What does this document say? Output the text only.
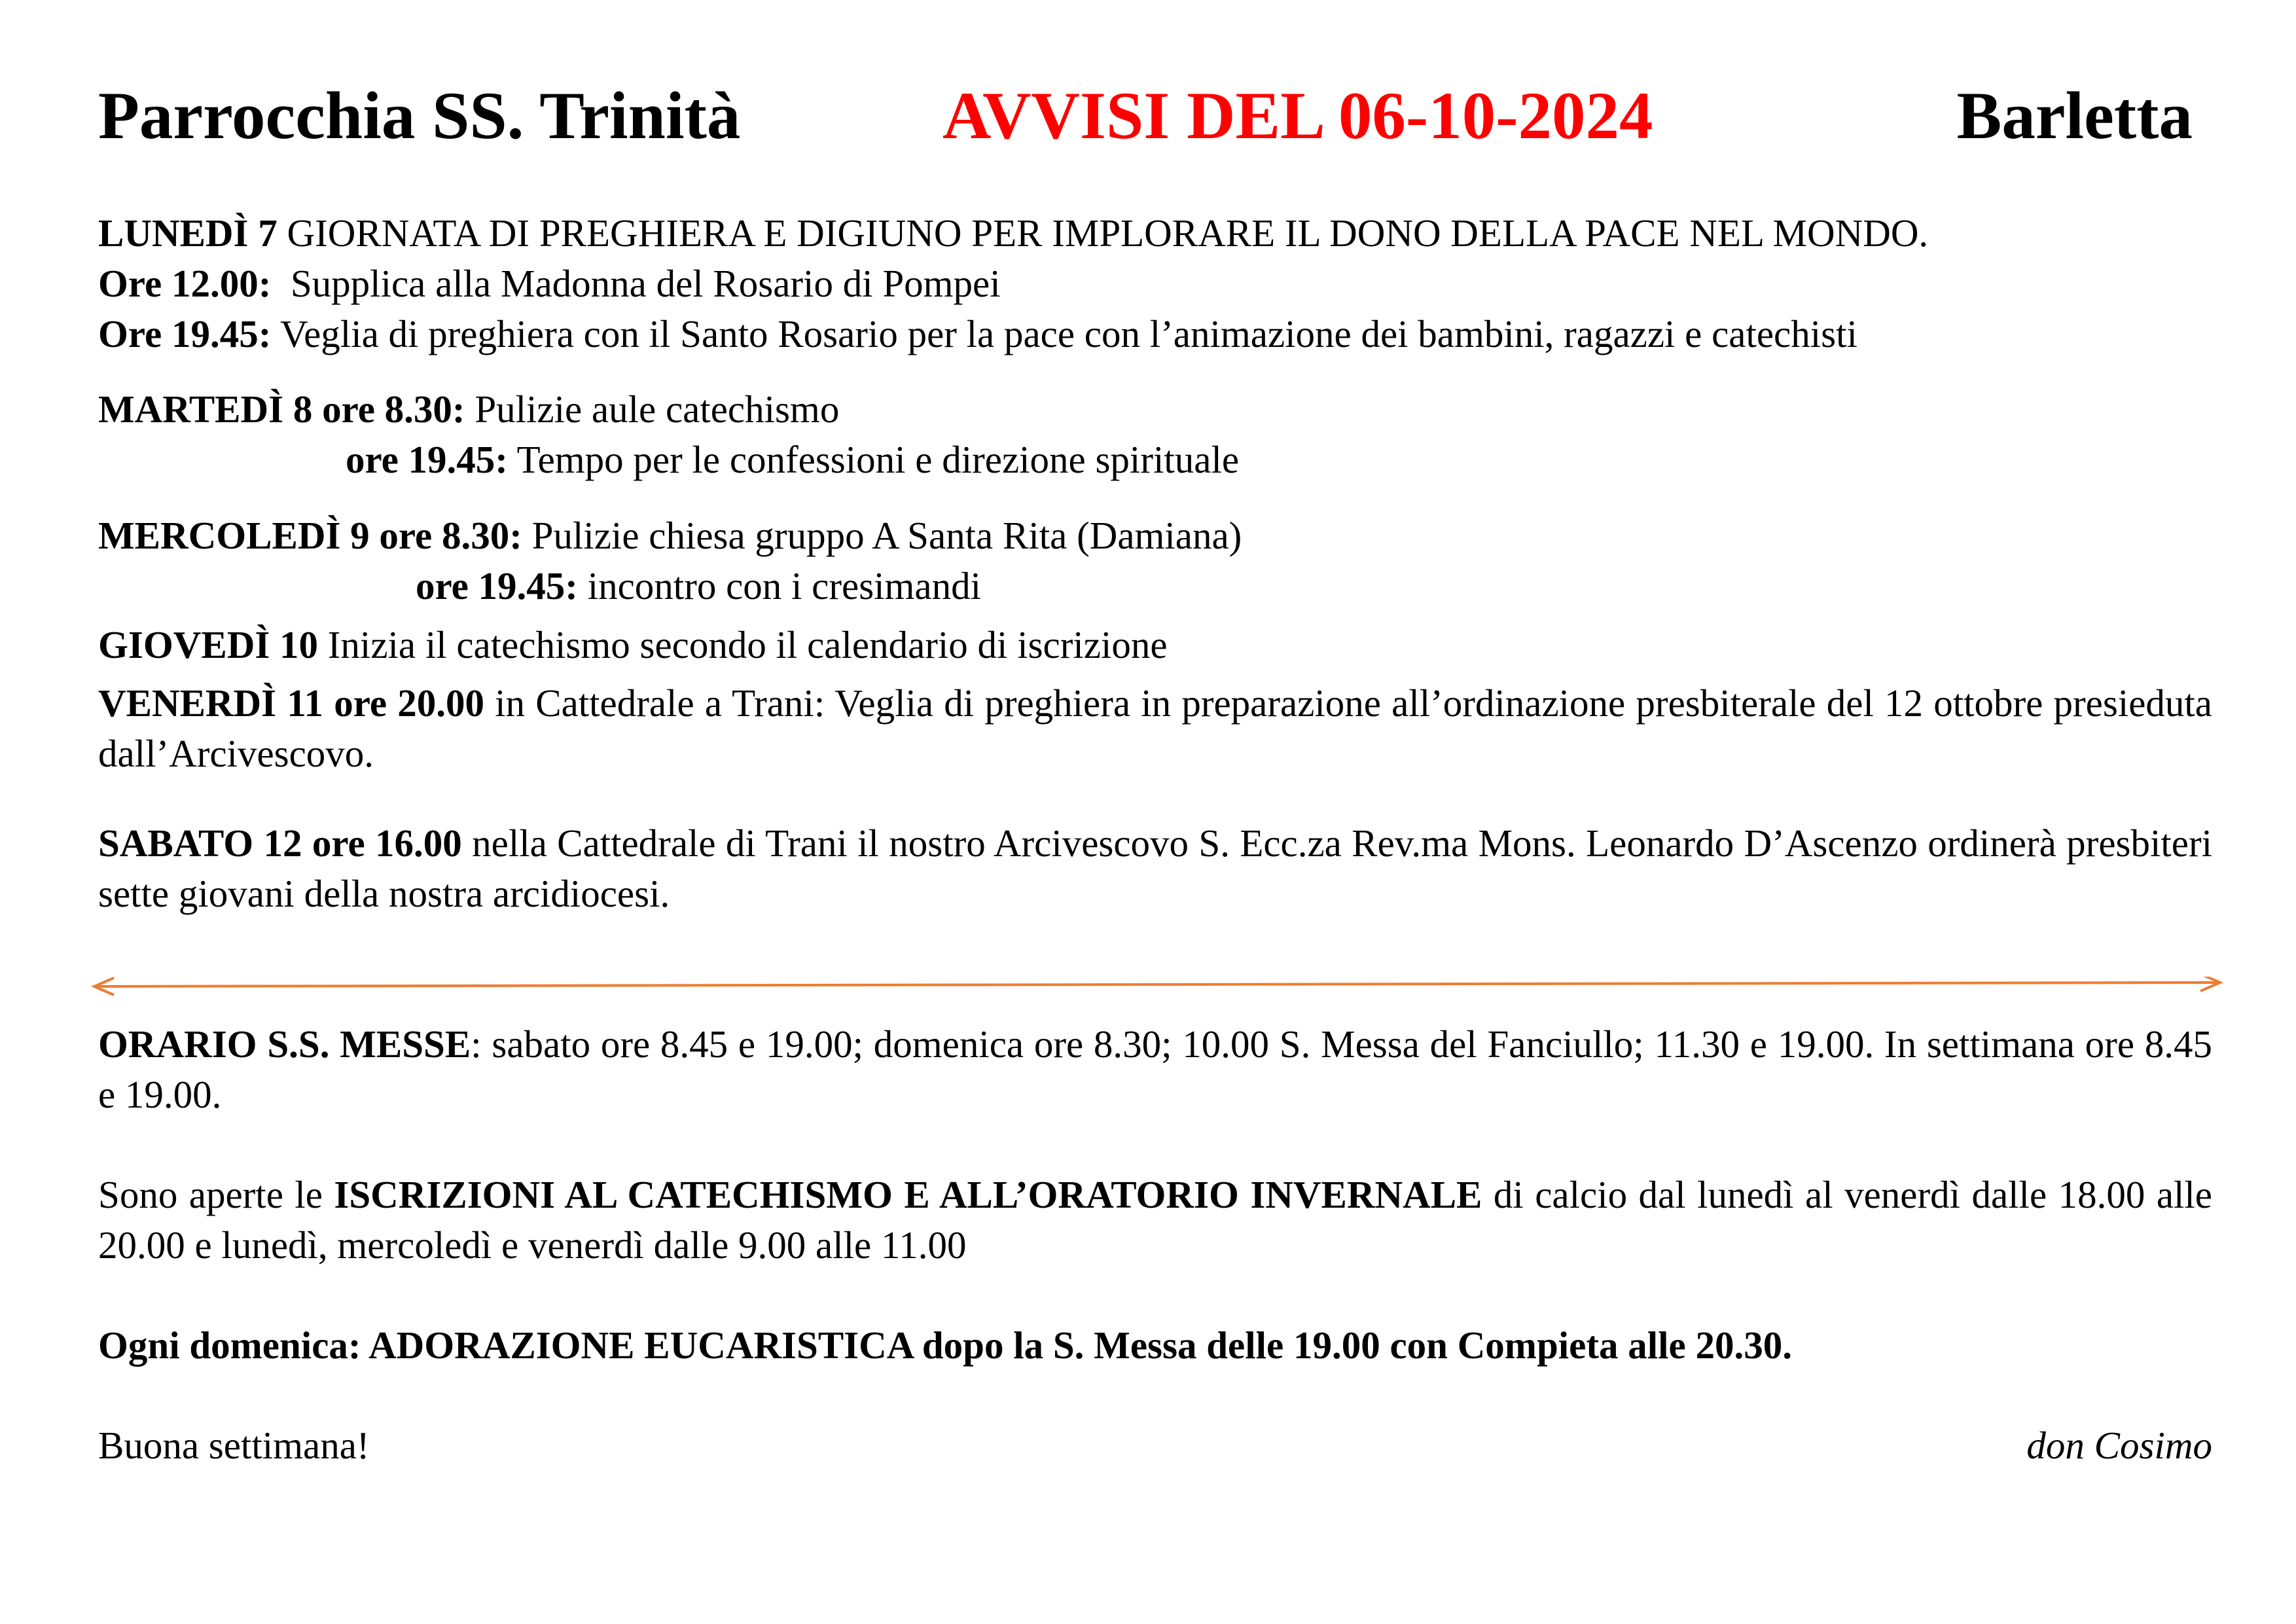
Parrocchia SS. Trinità	AVVISI DEL 06-10-2024	Barletta
LUNEDÌ 7 GIORNATA DI PREGHIERA E DIGIUNO PER IMPLORARE IL DONO DELLA PACE NEL MONDO.
Ore 12.00:  Supplica alla Madonna del Rosario di Pompei
Ore 19.45: Veglia di preghiera con il Santo Rosario per la pace con l’animazione dei bambini, ragazzi e catechisti
MARTEDÌ 8 ore 8.30: Pulizie aule catechismo
ore 19.45: Tempo per le confessioni e direzione spirituale
MERCOLEDÌ 9 ore 8.30: Pulizie chiesa gruppo A Santa Rita (Damiana)
ore 19.45: incontro con i cresimandi
GIOVEDÌ 10 Inizia il catechismo secondo il calendario di iscrizione
VENERDÌ 11 ore 20.00 in Cattedrale a Trani: Veglia di preghiera in preparazione all’ordinazione presbiterale del 12 ottobre presieduta dall’Arcivescovo.
SABATO 12 ore 16.00 nella Cattedrale di Trani il nostro Arcivescovo S. Ecc.za Rev.ma Mons. Leonardo D’Ascenzo ordinerà presbiteri sette giovani della nostra arcidiocesi.
ORARIO S.S. MESSE: sabato ore 8.45 e 19.00; domenica ore 8.30; 10.00 S. Messa del Fanciullo; 11.30 e 19.00. In settimana ore 8.45 e 19.00.
Sono aperte le ISCRIZIONI AL CATECHISMO E ALL’ORATORIO INVERNALE di calcio dal lunedì al venerdì dalle 18.00 alle 20.00 e lunedì, mercoledì e venerdì dalle 9.00 alle 11.00
Ogni domenica: ADORAZIONE EUCARISTICA dopo la S. Messa delle 19.00 con Compieta alle 20.30.
Buona settimana!	don Cosimo
